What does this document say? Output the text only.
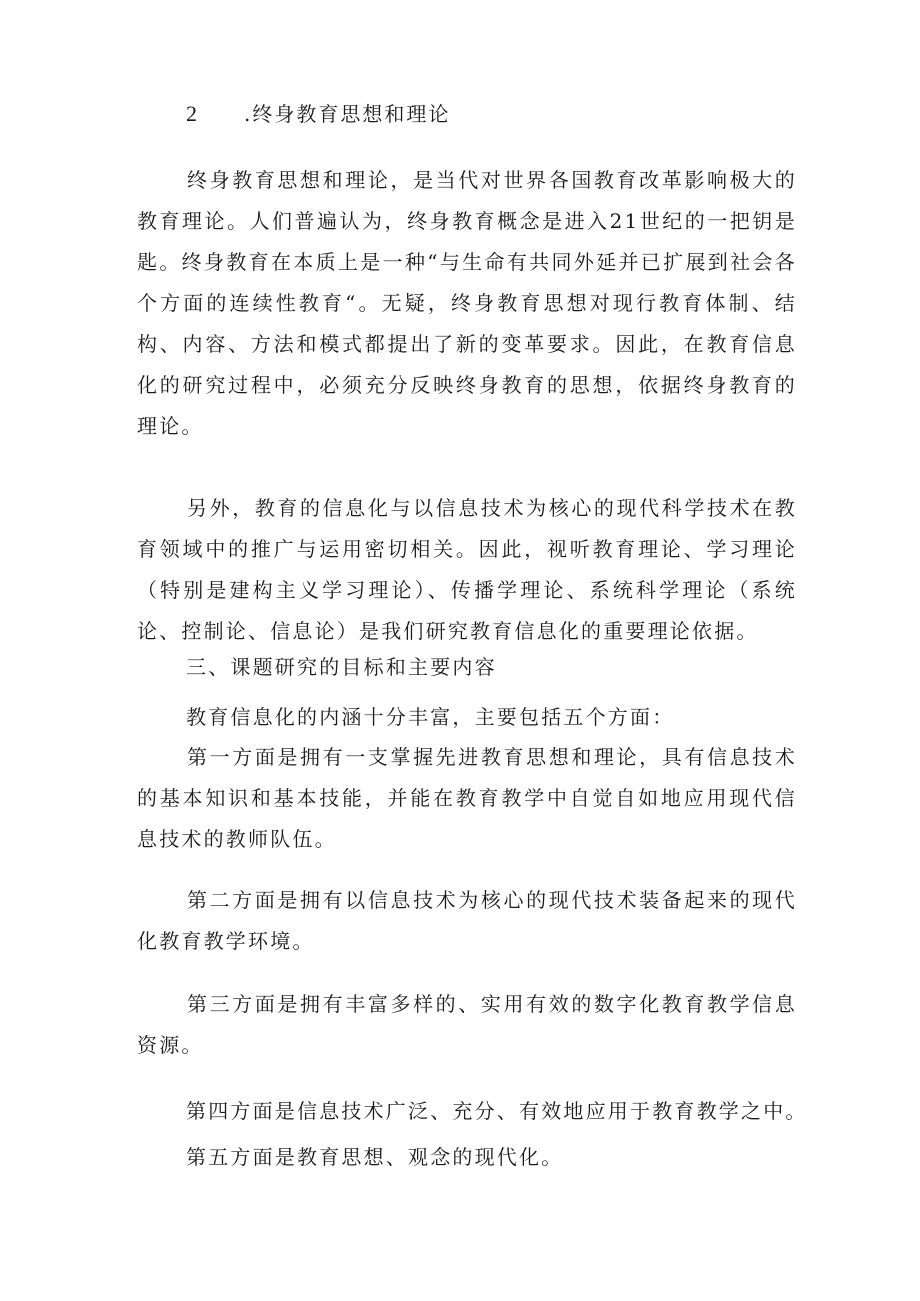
2 .终身教育思想和理论

终身教育思想和理论，是当代对世界各国教育改革影响极大的教育理论。人们普遍认为，终身教育概念是进入21世纪的一把钥是匙。终身教育在本质上是一种“与生命有共同外延并已扩展到社会各个方面的连续性教育“。无疑，终身教育思想对现行教育体制、结构、内容、方法和模式都提出了新的变革要求。因此，在教育信息化的研究过程中，必须充分反映终身教育的思想，依据终身教育的理论。

另外，教育的信息化与以信息技术为核心的现代科学技术在教育领域中的推广与运用密切相关。因此，视听教育理论、学习理论（特别是建构主义学习理论）、传播学理论、系统科学理论（系统论、控制论、信息论）是我们研究教育信息化的重要理论依据。

三、课题研究的目标和主要内容

教育信息化的内涵十分丰富，主要包括五个方面：

第一方面是拥有一支掌握先进教育思想和理论，具有信息技术的基本知识和基本技能，并能在教育教学中自觉自如地应用现代信息技术的教师队伍。

第二方面是拥有以信息技术为核心的现代技术装备起来的现代化教育教学环境。

第三方面是拥有丰富多样的、实用有效的数字化教育教学信息资源。

第四方面是信息技术广泛、充分、有效地应用于教育教学之中。

第五方面是教育思想、观念的现代化。
